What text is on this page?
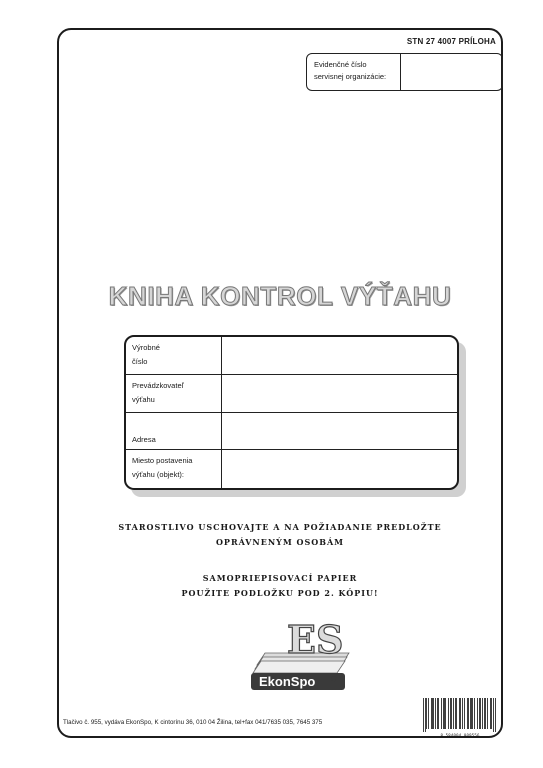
STN 27 4007 PRÍLOHA
Evidenčné číslo
servisnej organizácie:
KNIHA KONTROL VÝŤAHU
Výrobné
číslo
Prevádzkovateľ
výťahu
Adresa
Miesto postavenia
výťahu (objekt):
STAROSTLIVO USCHOVAJTE A NA POŽIADANIE PREDLOŽTE
OPRÁVNENÝM OSOBÁM
SAMOPRIEPISOVACÍ PAPIER
POUŽITE PODLOŽKU POD 2. KÓPIU!
ES
EkonSpo ©
Tlačivo č. 955, vydáva EkonSpo, K cintorínu 36, 010 04 Žilina, tel+fax 041/7635 035, 7645 375
8 584004 009556
